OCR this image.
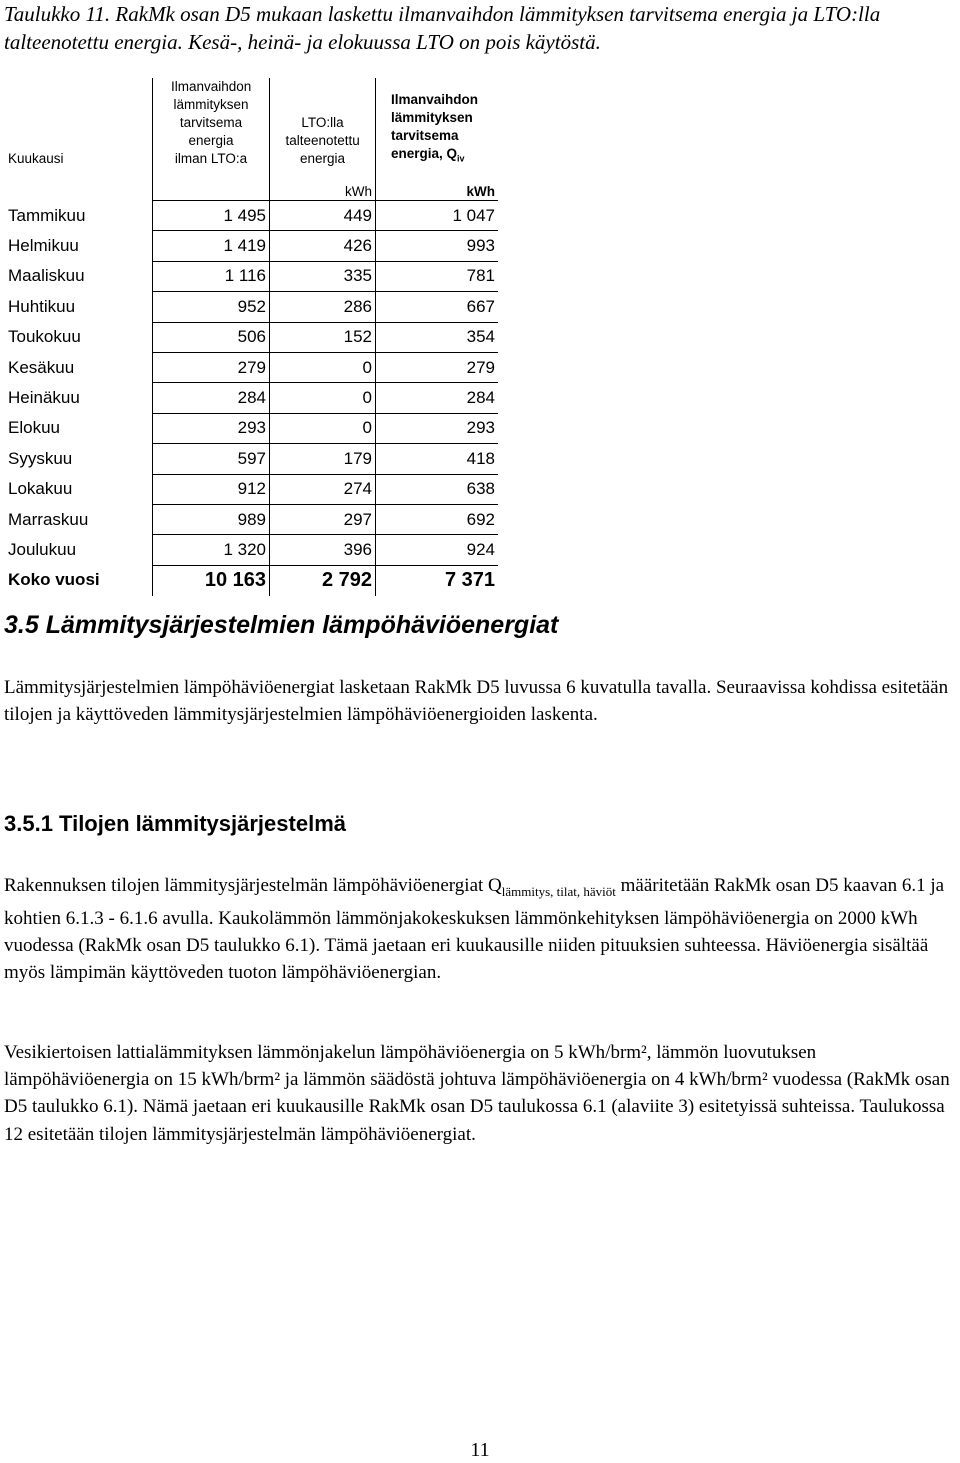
Taulukko 11. RakMk osan D5 mukaan laskettu ilmanvaihdon lämmityksen tarvitsema energia ja LTO:lla talteenotettu energia. Kesä-, heinä- ja elokuussa LTO on pois käytöstä.
Kuukausi	Ilmanvaihdon lämmityksen tarvitsema energia ilman LTO:a	LTO:lla talteenotettu energia	Ilmanvaihdon lämmityksen tarvitsema energia, $Q_{iv}$

		kWh	kWh
Tammikuu	1 495	449	1 047
Helmikuu	1 419	426	993
Maaliskuu	1 116	335	781
Huhtikuu	952	286	667
Toukokuu	506	152	354
Kesäkuu	279	0	279
Heinäkuu	284	0	284
Elokuu	293	0	293
Syyskuu	597	179	418
Lokakuu	912	274	638
Marraskuu	989	297	692
Joulukuu	1 320	396	924
Koko vuosi	10 163	2 792	7 371
3.5 Lämmitysjärjestelmien lämpöhäviöenergiat

Lämmitysjärjestelmien lämpöhäviöenergiat lasketaan RakMk D5 luvussa 6 kuvatulla tavalla. Seuraavissa kohdissa esitetään tilojen ja käyttöveden lämmitysjärjestelmien lämpöhäviöenergioiden laskenta.

3.5.1 Tilojen lämmitysjärjestelmä

Rakennuksen tilojen lämmitysjärjestelmän lämpöhäviöenergiat $Q_{lämmitys, tilat, häviöt}$ määritetään RakMk osan D5 kaavan 6.1 ja kohtien 6.1.3 - 6.1.6 avulla. Kaukolämmön lämmönjakokeskuksen lämmönkehityksen lämpöhäviöenergia on 2000 kWh vuodessa (RakMk osan D5 taulukko 6.1). Tämä jaetaan eri kuukausille niiden pituuksien suhteessa. Häviöenergia sisältää myös lämpimän käyttöveden tuoton lämpöhäviöenergian.

Vesikiertoisen lattialämmityksen lämmönjakelun lämpöhäviöenergia on 5 kWh/brm², lämmön luovutuksen lämpöhäviöenergia on 15 kWh/brm² ja lämmön säädöstä johtuva lämpöhäviöenergia on 4 kWh/brm² vuodessa (RakMk osan D5 taulukko 6.1). Nämä jaetaan eri kuukausille RakMk osan D5 taulukossa 6.1 (alaviite 3) esitetyissä suhteissa. Taulukossa 12 esitetään tilojen lämmitysjärjestelmän lämpöhäviöenergiat.

11
